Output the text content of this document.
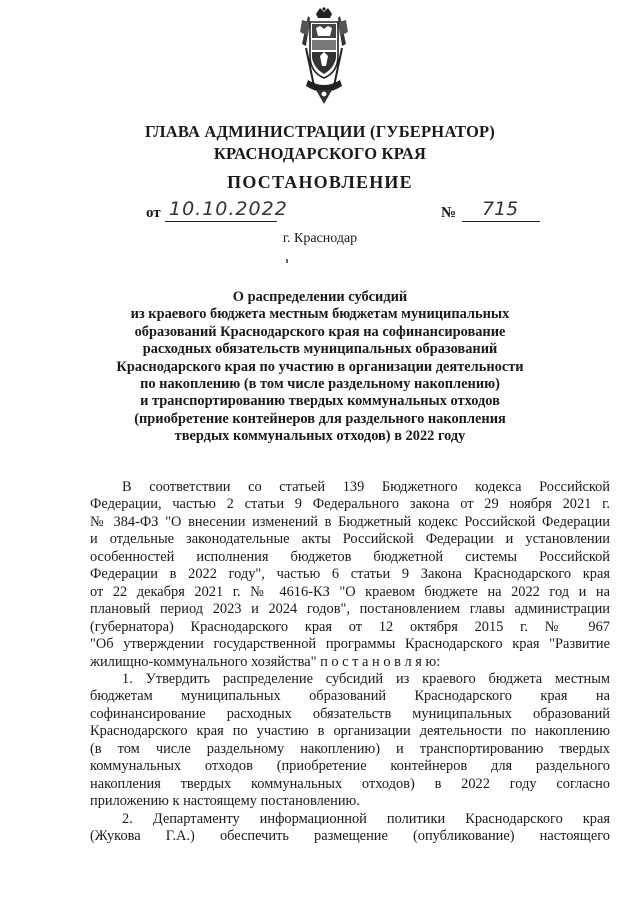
ГЛАВА АДМИНИСТРАЦИИ (ГУБЕРНАТОР)
КРАСНОДАРСКОГО КРАЯ
ПОСТАНОВЛЕНИЕ
от 10.10.2022	№	715
г. Краснодар
О распределении субсидий
из краевого бюджета местным бюджетам муниципальных
образований Краснодарского края на софинансирование
расходных обязательств муниципальных образований
Краснодарского края по участию в организации деятельности
по накоплению (в том числе раздельному накоплению)
и транспортированию твердых коммунальных отходов
(приобретение контейнеров для раздельного накопления
твердых коммунальных отходов) в 2022 году
В соответствии со статьей 139 Бюджетного кодекса Российской
Федерации, частью 2 статьи 9 Федерального закона от 29 ноября 2021 г.
№ 384-ФЗ "О внесении изменений в Бюджетный кодекс Российской Федерации
и отдельные законодательные акты Российской Федерации и установлении
особенностей исполнения бюджетов бюджетной системы Российской
Федерации в 2022 году", частью 6 статьи 9 Закона Краснодарского края
от 22 декабря 2021 г. № 4616-КЗ "О краевом бюджете на 2022 год и на
плановый период 2023 и 2024 годов", постановлением главы администрации
(губернатора) Краснодарского края от 12 октября 2015 г. № 967
"Об утверждении государственной программы Краснодарского края "Развитие
жилищно-коммунального хозяйства" п о с т а н о в л я ю:
1. Утвердить распределение субсидий из краевого бюджета местным
бюджетам муниципальных образований Краснодарского края на
софинансирование расходных обязательств муниципальных образований
Краснодарского края по участию в организации деятельности по накоплению
(в том числе раздельному накоплению) и транспортированию твердых
коммунальных отходов (приобретение контейнеров для раздельного
накопления твердых коммунальных отходов) в 2022 году согласно
приложению к настоящему постановлению.
2. Департаменту информационной политики Краснодарского края
(Жукова Г.А.) обеспечить размещение (опубликование) настоящего
